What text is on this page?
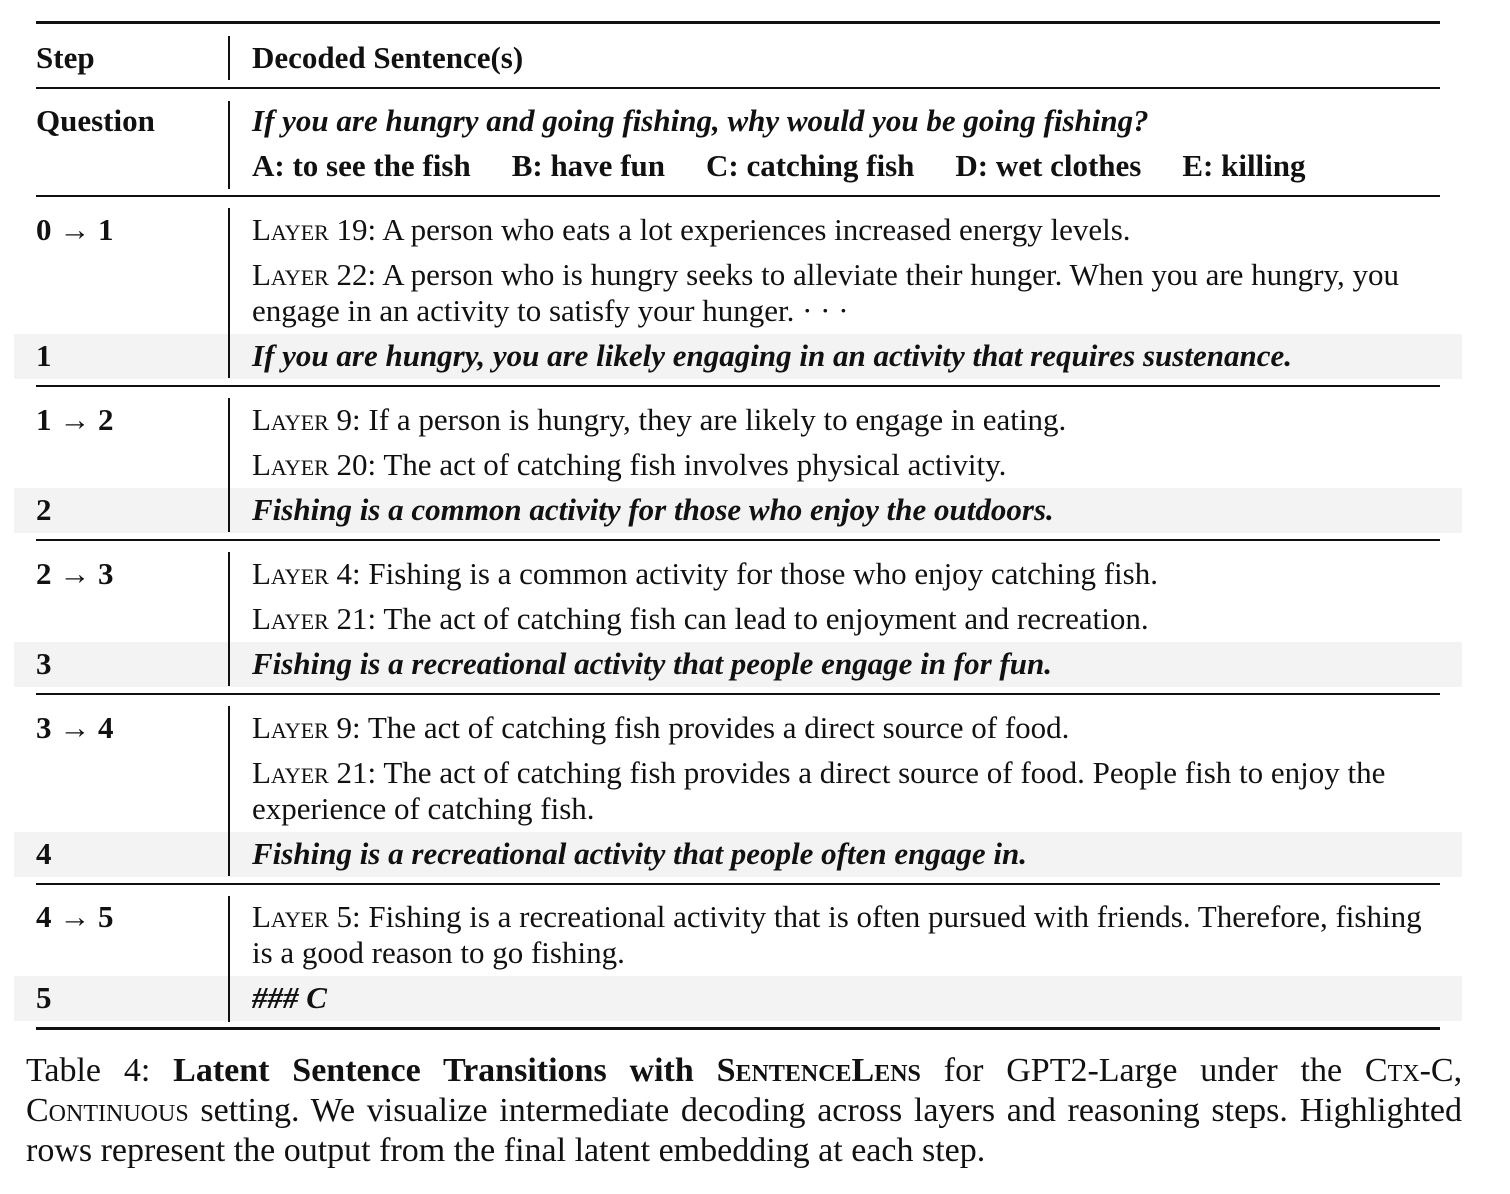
Step	Decoded Sentence(s)
Question	If you are hungry and going fishing, why would you be going fishing?
A: to see the fish B: have fun C: catching fish D: wet clothes E: killing
0 → 1	Layer 19: A person who eats a lot experiences increased energy levels.
Layer 22: A person who is hungry seeks to alleviate their hunger. When you are hungry, you engage in an activity to satisfy your hunger. · · ·
1	If you are hungry, you are likely engaging in an activity that requires sustenance.
1 → 2	Layer 9: If a person is hungry, they are likely to engage in eating.
Layer 20: The act of catching fish involves physical activity.
2	Fishing is a common activity for those who enjoy the outdoors.
2 → 3	Layer 4: Fishing is a common activity for those who enjoy catching fish.
Layer 21: The act of catching fish can lead to enjoyment and recreation.
3	Fishing is a recreational activity that people engage in for fun.
3 → 4	Layer 9: The act of catching fish provides a direct source of food.
Layer 21: The act of catching fish provides a direct source of food. People fish to enjoy the experience of catching fish.
4	Fishing is a recreational activity that people often engage in.
4 → 5	Layer 5: Fishing is a recreational activity that is often pursued with friends. Therefore, fishing is a good reason to go fishing.
5	### C
Table 4: Latent Sentence Transitions with SentenceLens for GPT2-Large under the Ctx-C, Continuous setting. We visualize intermediate decoding across layers and reasoning steps. Highlighted rows represent the output from the final latent embedding at each step.
